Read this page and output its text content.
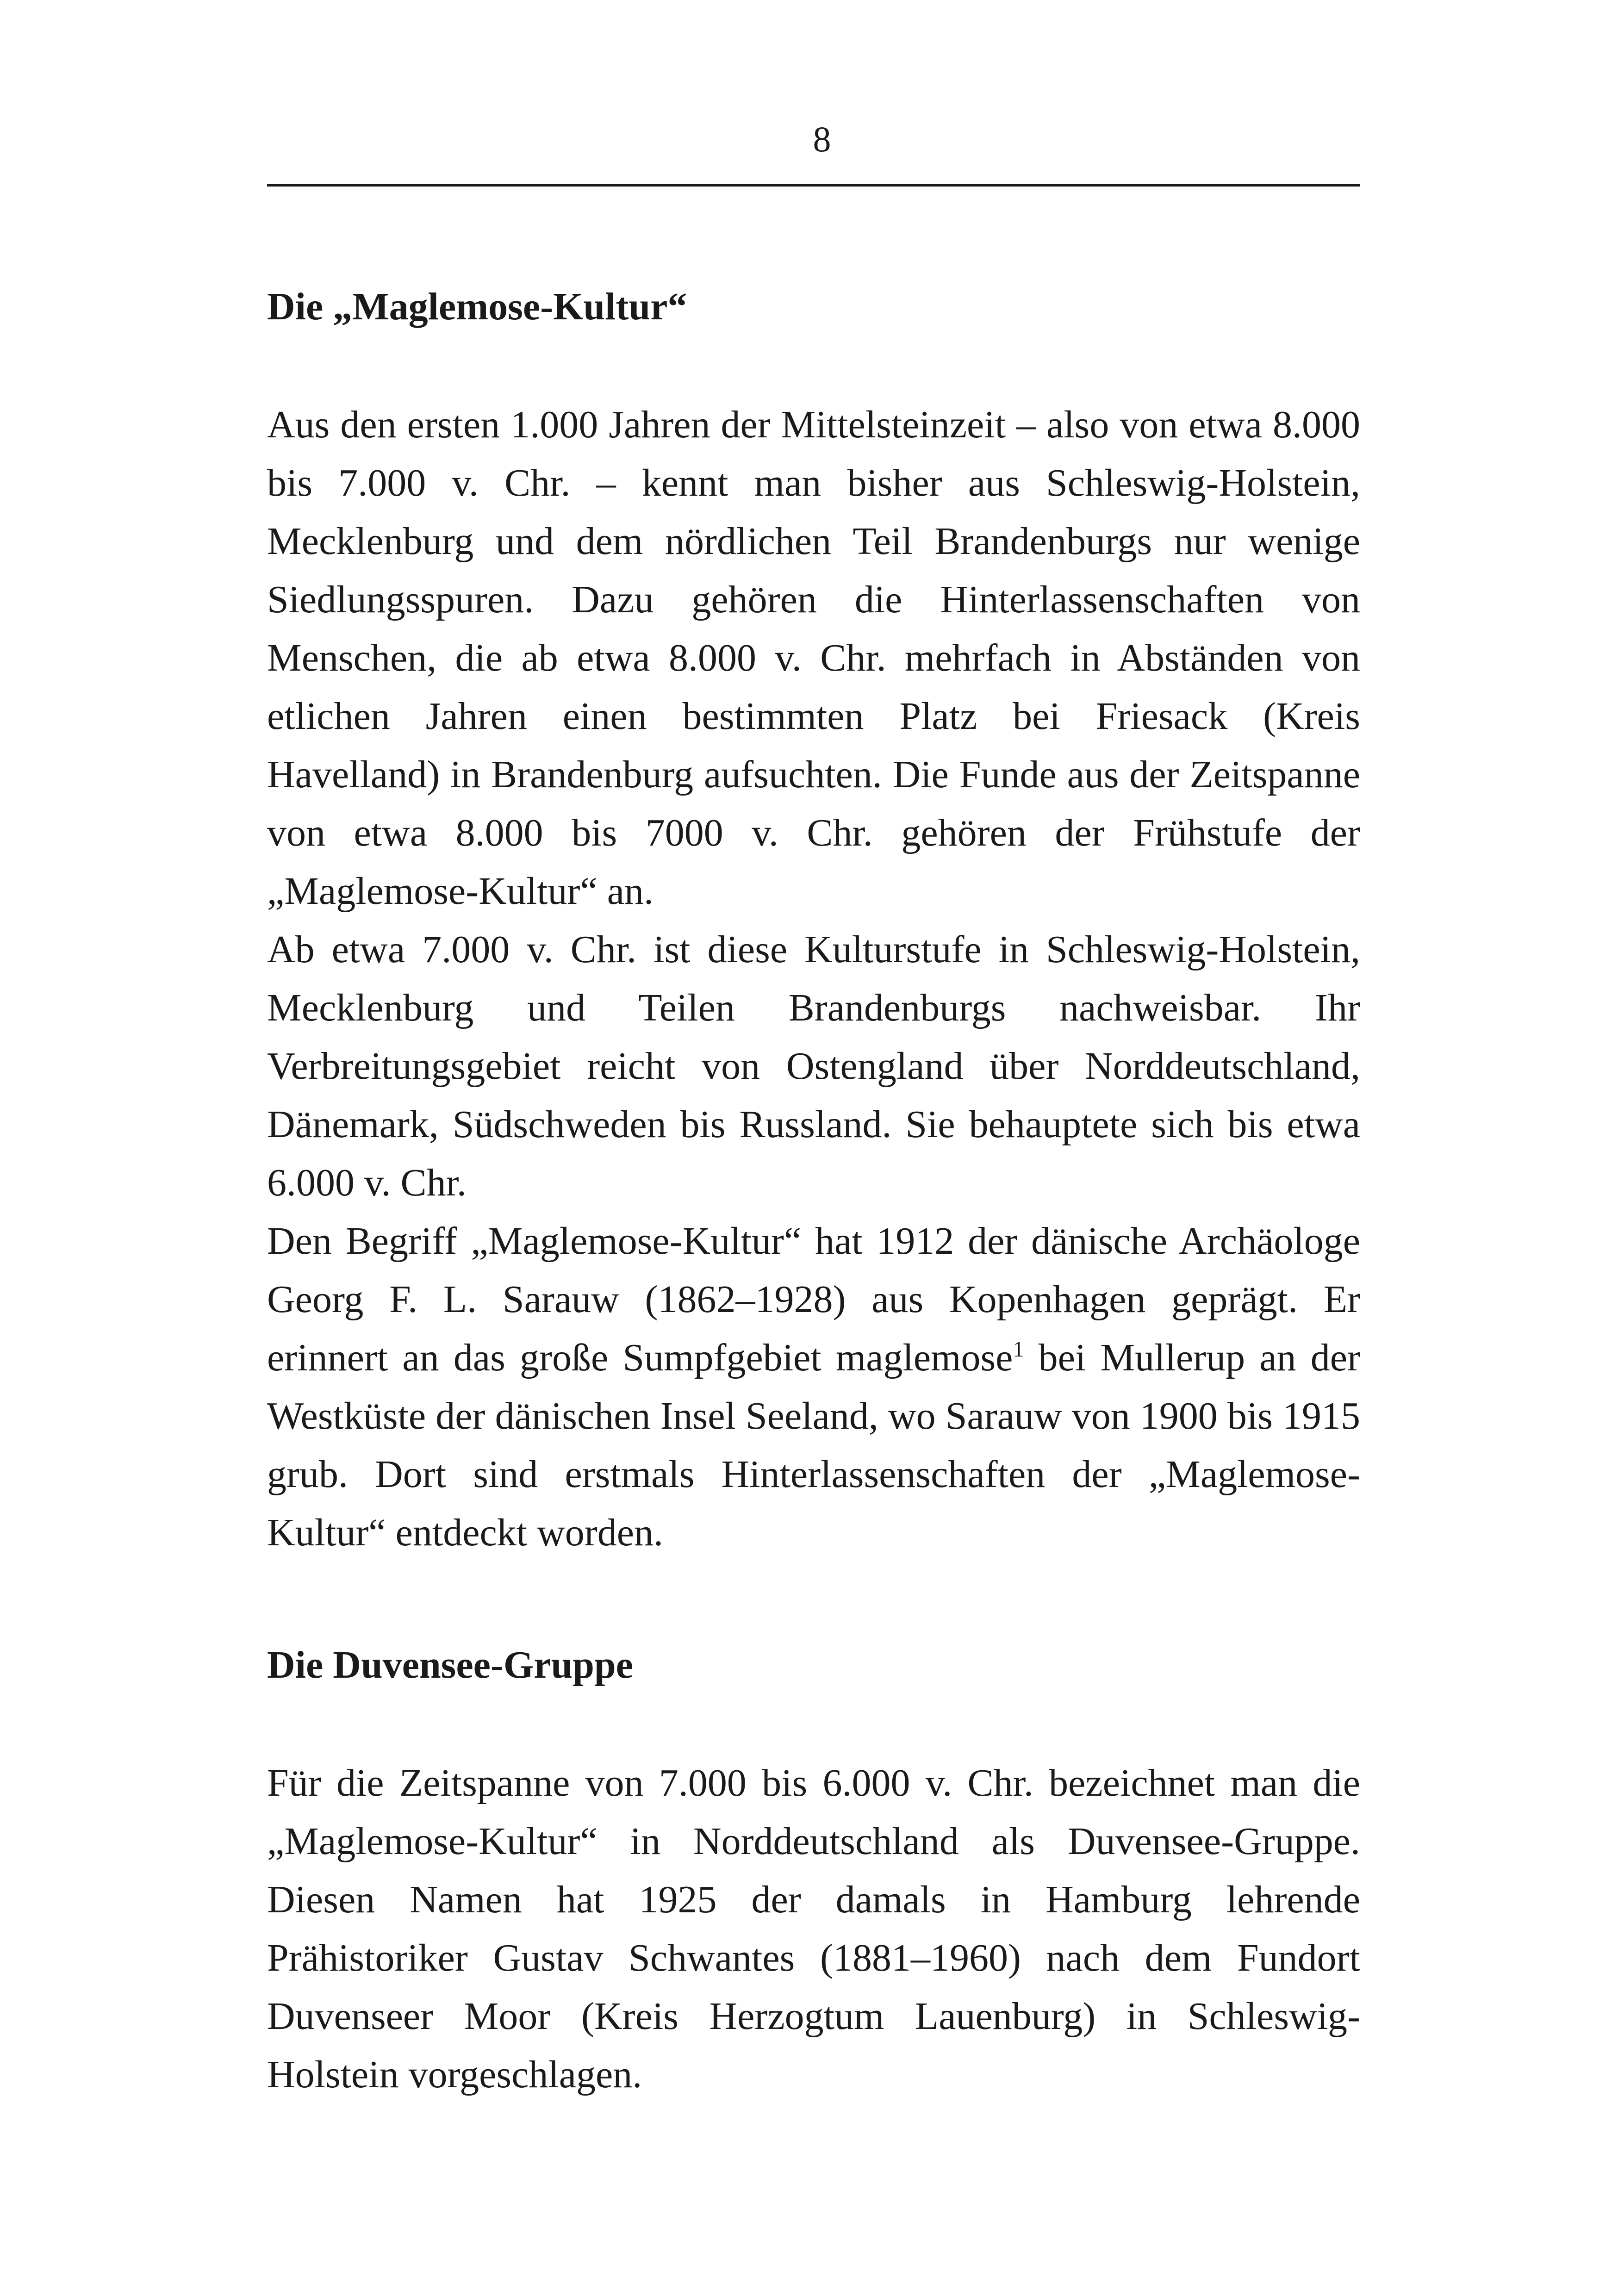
8
Die „Maglemose-Kultur“

Aus den ersten 1.000 Jahren der Mittelsteinzeit – also von etwa 8.000 bis 7.000 v. Chr. – kennt man bisher aus Schleswig-Holstein, Mecklenburg und dem nördlichen Teil Brandenburgs nur wenige Siedlungsspuren. Dazu gehören die Hinterlassenschaften von Menschen, die ab etwa 8.000 v. Chr. mehrfach in Abständen von etlichen Jahren einen bestimmten Platz bei Friesack (Kreis Havelland) in Brandenburg aufsuchten. Die Funde aus der Zeitspanne von etwa 8.000 bis 7000 v. Chr. gehören der Frühstufe der „Maglemose-Kultur“ an.

Ab etwa 7.000 v. Chr. ist diese Kulturstufe in Schleswig-Holstein, Mecklenburg und Teilen Brandenburgs nachweisbar. Ihr Verbreitungsgebiet reicht von Ostengland über Norddeutschland, Dänemark, Südschweden bis Russland. Sie behauptete sich bis etwa 6.000 v. Chr.

Den Begriff „Maglemose-Kultur“ hat 1912 der dänische Archäologe Georg F. L. Sarauw (1862–1928) aus Kopenhagen geprägt. Er erinnert an das große Sumpfgebiet maglemose$^1$ bei Mullerup an der Westküste der dänischen Insel Seeland, wo Sarauw von 1900 bis 1915 grub. Dort sind erstmals Hinterlassenschaften der „Maglemose-Kultur“ entdeckt worden.

Die Duvensee-Gruppe

Für die Zeitspanne von 7.000 bis 6.000 v. Chr. bezeichnet man die „Maglemose-Kultur“ in Norddeutschland als Duvensee-Gruppe. Diesen Namen hat 1925 der damals in Hamburg lehrende Prähistoriker Gustav Schwantes (1881–1960) nach dem Fundort Duvenseer Moor (Kreis Herzogtum Lauenburg) in Schleswig-Holstein vorgeschlagen.
